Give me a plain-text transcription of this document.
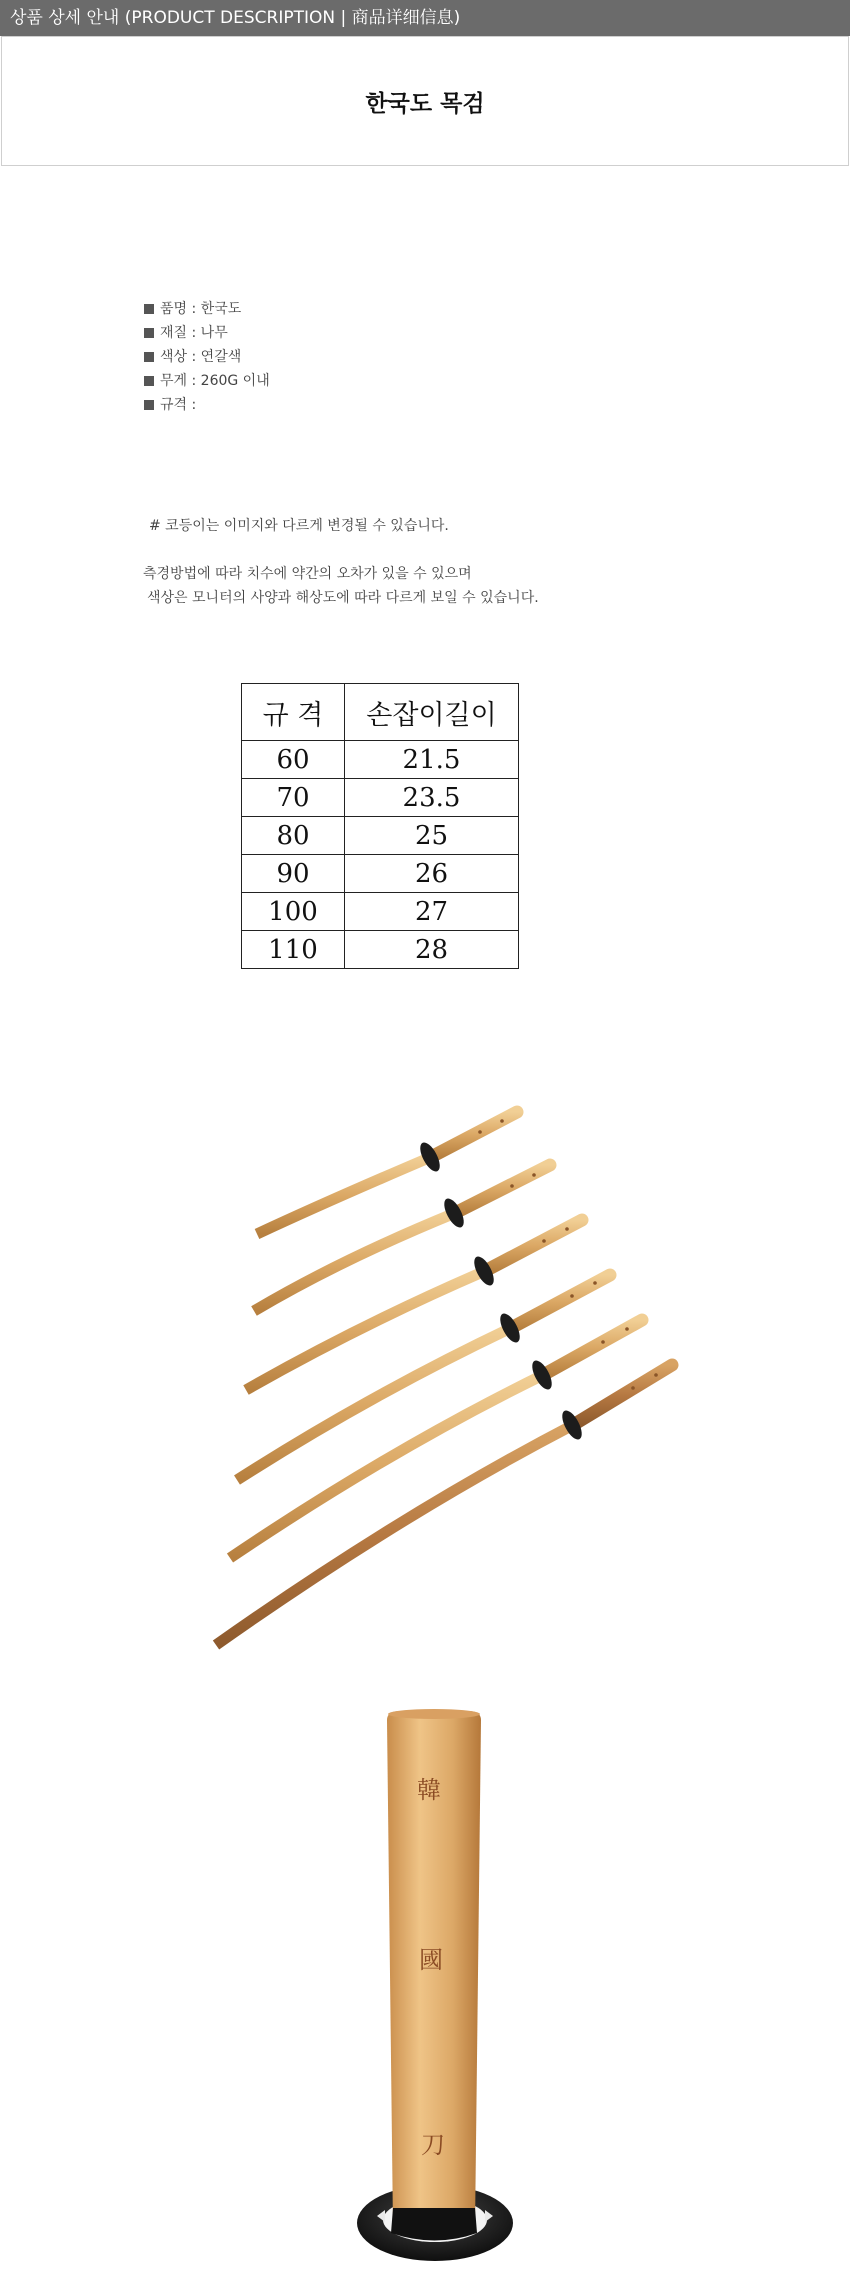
상품 상세 안내 (PRODUCT DESCRIPTION | 商品详细信息)
한국도 목검
품명 : 한국도
재질 : 나무
색상 : 연갈색
무게 : 260G 이내
규격 :
# 코등이는 이미지와 다르게 변경될 수 있습니다.
측경방법에 따라 치수에 약간의 오차가 있을 수 있으며
색상은 모니터의 사양과 해상도에 따라 다르게 보일 수 있습니다.
규 격	손잡이길이
60	21.5
70	23.5
80	25
90	26
100	27
110	28
韓
國
刀
